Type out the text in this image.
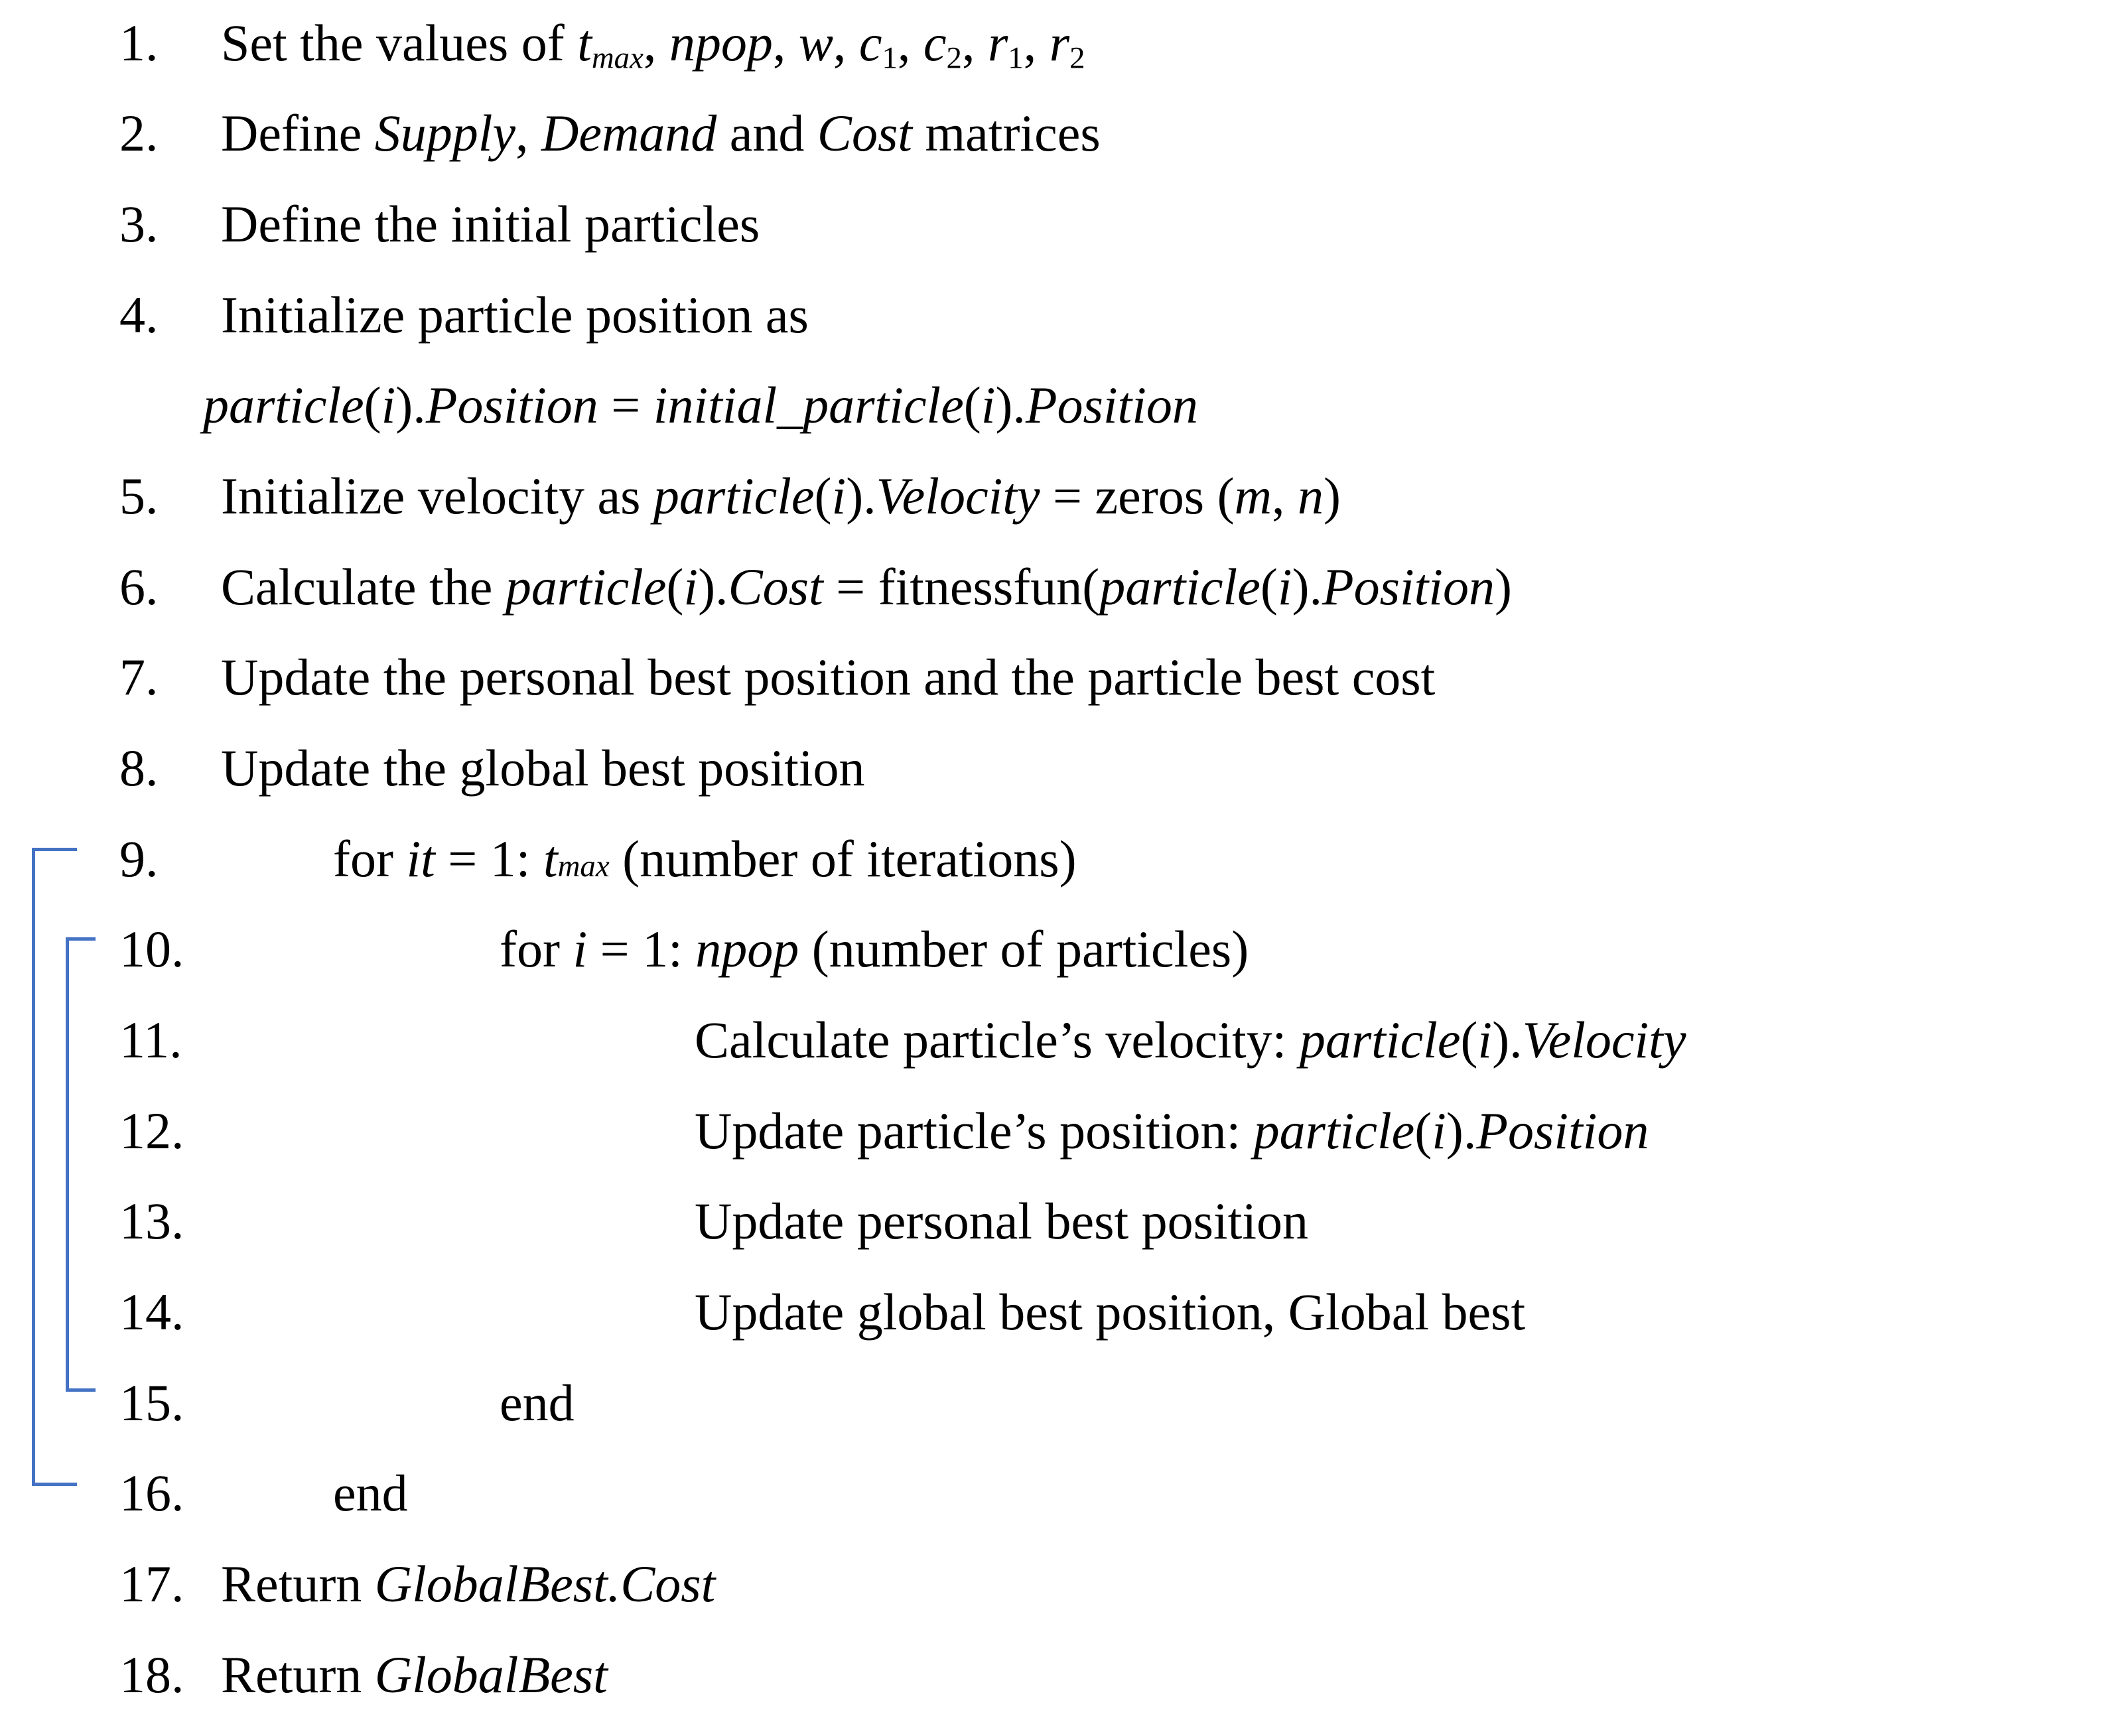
1. Set the values of $t_{max}$, npop, w, $c_1$, $c_2$, $r_1$, $r_2$
2. Define Supply, Demand and Cost matrices
3. Define the initial particles
4. Initialize particle position as
particle(i).Position = initial_particle(i).Position
5. Initialize velocity as particle(i).Velocity = zeros (m, n)
6. Calculate the particle(i).Cost = fitnessfun(particle(i).Position)
7. Update the personal best position and the particle best cost
8. Update the global best position
9.	for it = 1: tmax (number of iterations)
10.	for i = 1: npop (number of particles)
11.	Calculate particle’s velocity: particle(i).Velocity
12.	Update particle’s position: particle(i).Position
13.	Update personal best position
14.	Update global best position, Global best
15.	end
16.	end
17. Return GlobalBest.Cost
18. Return GlobalBest
